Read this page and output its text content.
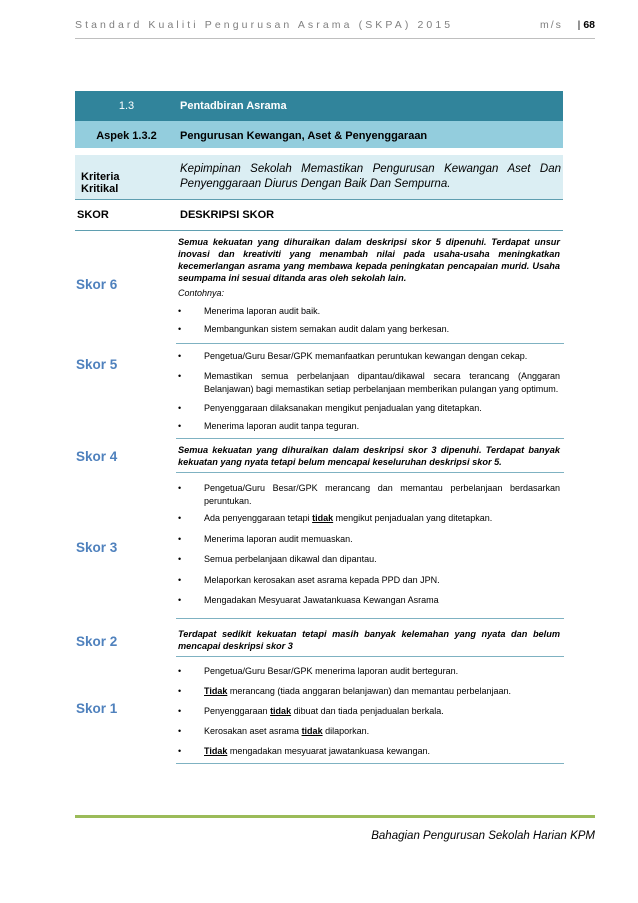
Standard Kualiti Pengurusan Asrama (SKPA) 2015	m/s | 68
1.3	Pentadbiran Asrama
Aspek 1.3.2	Pengurusan Kewangan, Aset & Penyenggaraan
Kriteria Kritikal
Kepimpinan Sekolah Memastikan Pengurusan Kewangan Aset Dan Penyenggaraan Diurus Dengan Baik Dan Sempurna.
SKOR	DESKRIPSI SKOR
Skor 6
Semua kekuatan yang dihuraikan dalam deskripsi skor 5 dipenuhi. Terdapat unsur inovasi dan kreativiti yang menambah nilai pada usaha-usaha meningkatkan kecemerlangan asrama yang membawa kepada peningkatan pencapaian murid. Usaha seumpama ini sesuai ditanda aras oleh sekolah lain.
Contohnya:
•	Menerima laporan audit baik.
•	Membangunkan sistem semakan audit dalam yang berkesan.
Skor 5
•	Pengetua/Guru Besar/GPK memanfaatkan peruntukan kewangan dengan cekap.
•	Memastikan semua perbelanjaan dipantau/dikawal secara terancang (Anggaran Belanjawan) bagi memastikan setiap perbelanjaan memberikan pulangan yang optimum.
•	Penyenggaraan dilaksanakan mengikut penjadualan yang ditetapkan.
•	Menerima laporan audit tanpa teguran.
Skor 4	Semua kekuatan yang dihuraikan dalam deskripsi skor 3 dipenuhi. Terdapat banyak kekuatan yang nyata tetapi belum mencapai keseluruhan deskripsi skor 5.
Skor 3
•	Pengetua/Guru Besar/GPK merancang dan memantau perbelanjaan berdasarkan peruntukan.
•	Ada penyenggaraan tetapi tidak mengikut penjadualan yang ditetapkan.
•	Menerima laporan audit memuaskan.
•	Semua perbelanjaan dikawal dan dipantau.
•	Melaporkan kerosakan aset asrama kepada PPD dan JPN.
•	Mengadakan Mesyuarat Jawatankuasa Kewangan Asrama
Skor 2	Terdapat sedikit kekuatan tetapi masih banyak kelemahan yang nyata dan belum mencapai deskripsi skor 3
Skor 1
•	Pengetua/Guru Besar/GPK menerima laporan audit berteguran.
•	Tidak merancang (tiada anggaran belanjawan) dan memantau perbelanjaan.
•	Penyenggaraan tidak dibuat dan tiada penjadualan berkala.
•	Kerosakan aset asrama tidak dilaporkan.
•	Tidak mengadakan mesyuarat jawatankuasa kewangan.
Bahagian Pengurusan Sekolah Harian KPM
